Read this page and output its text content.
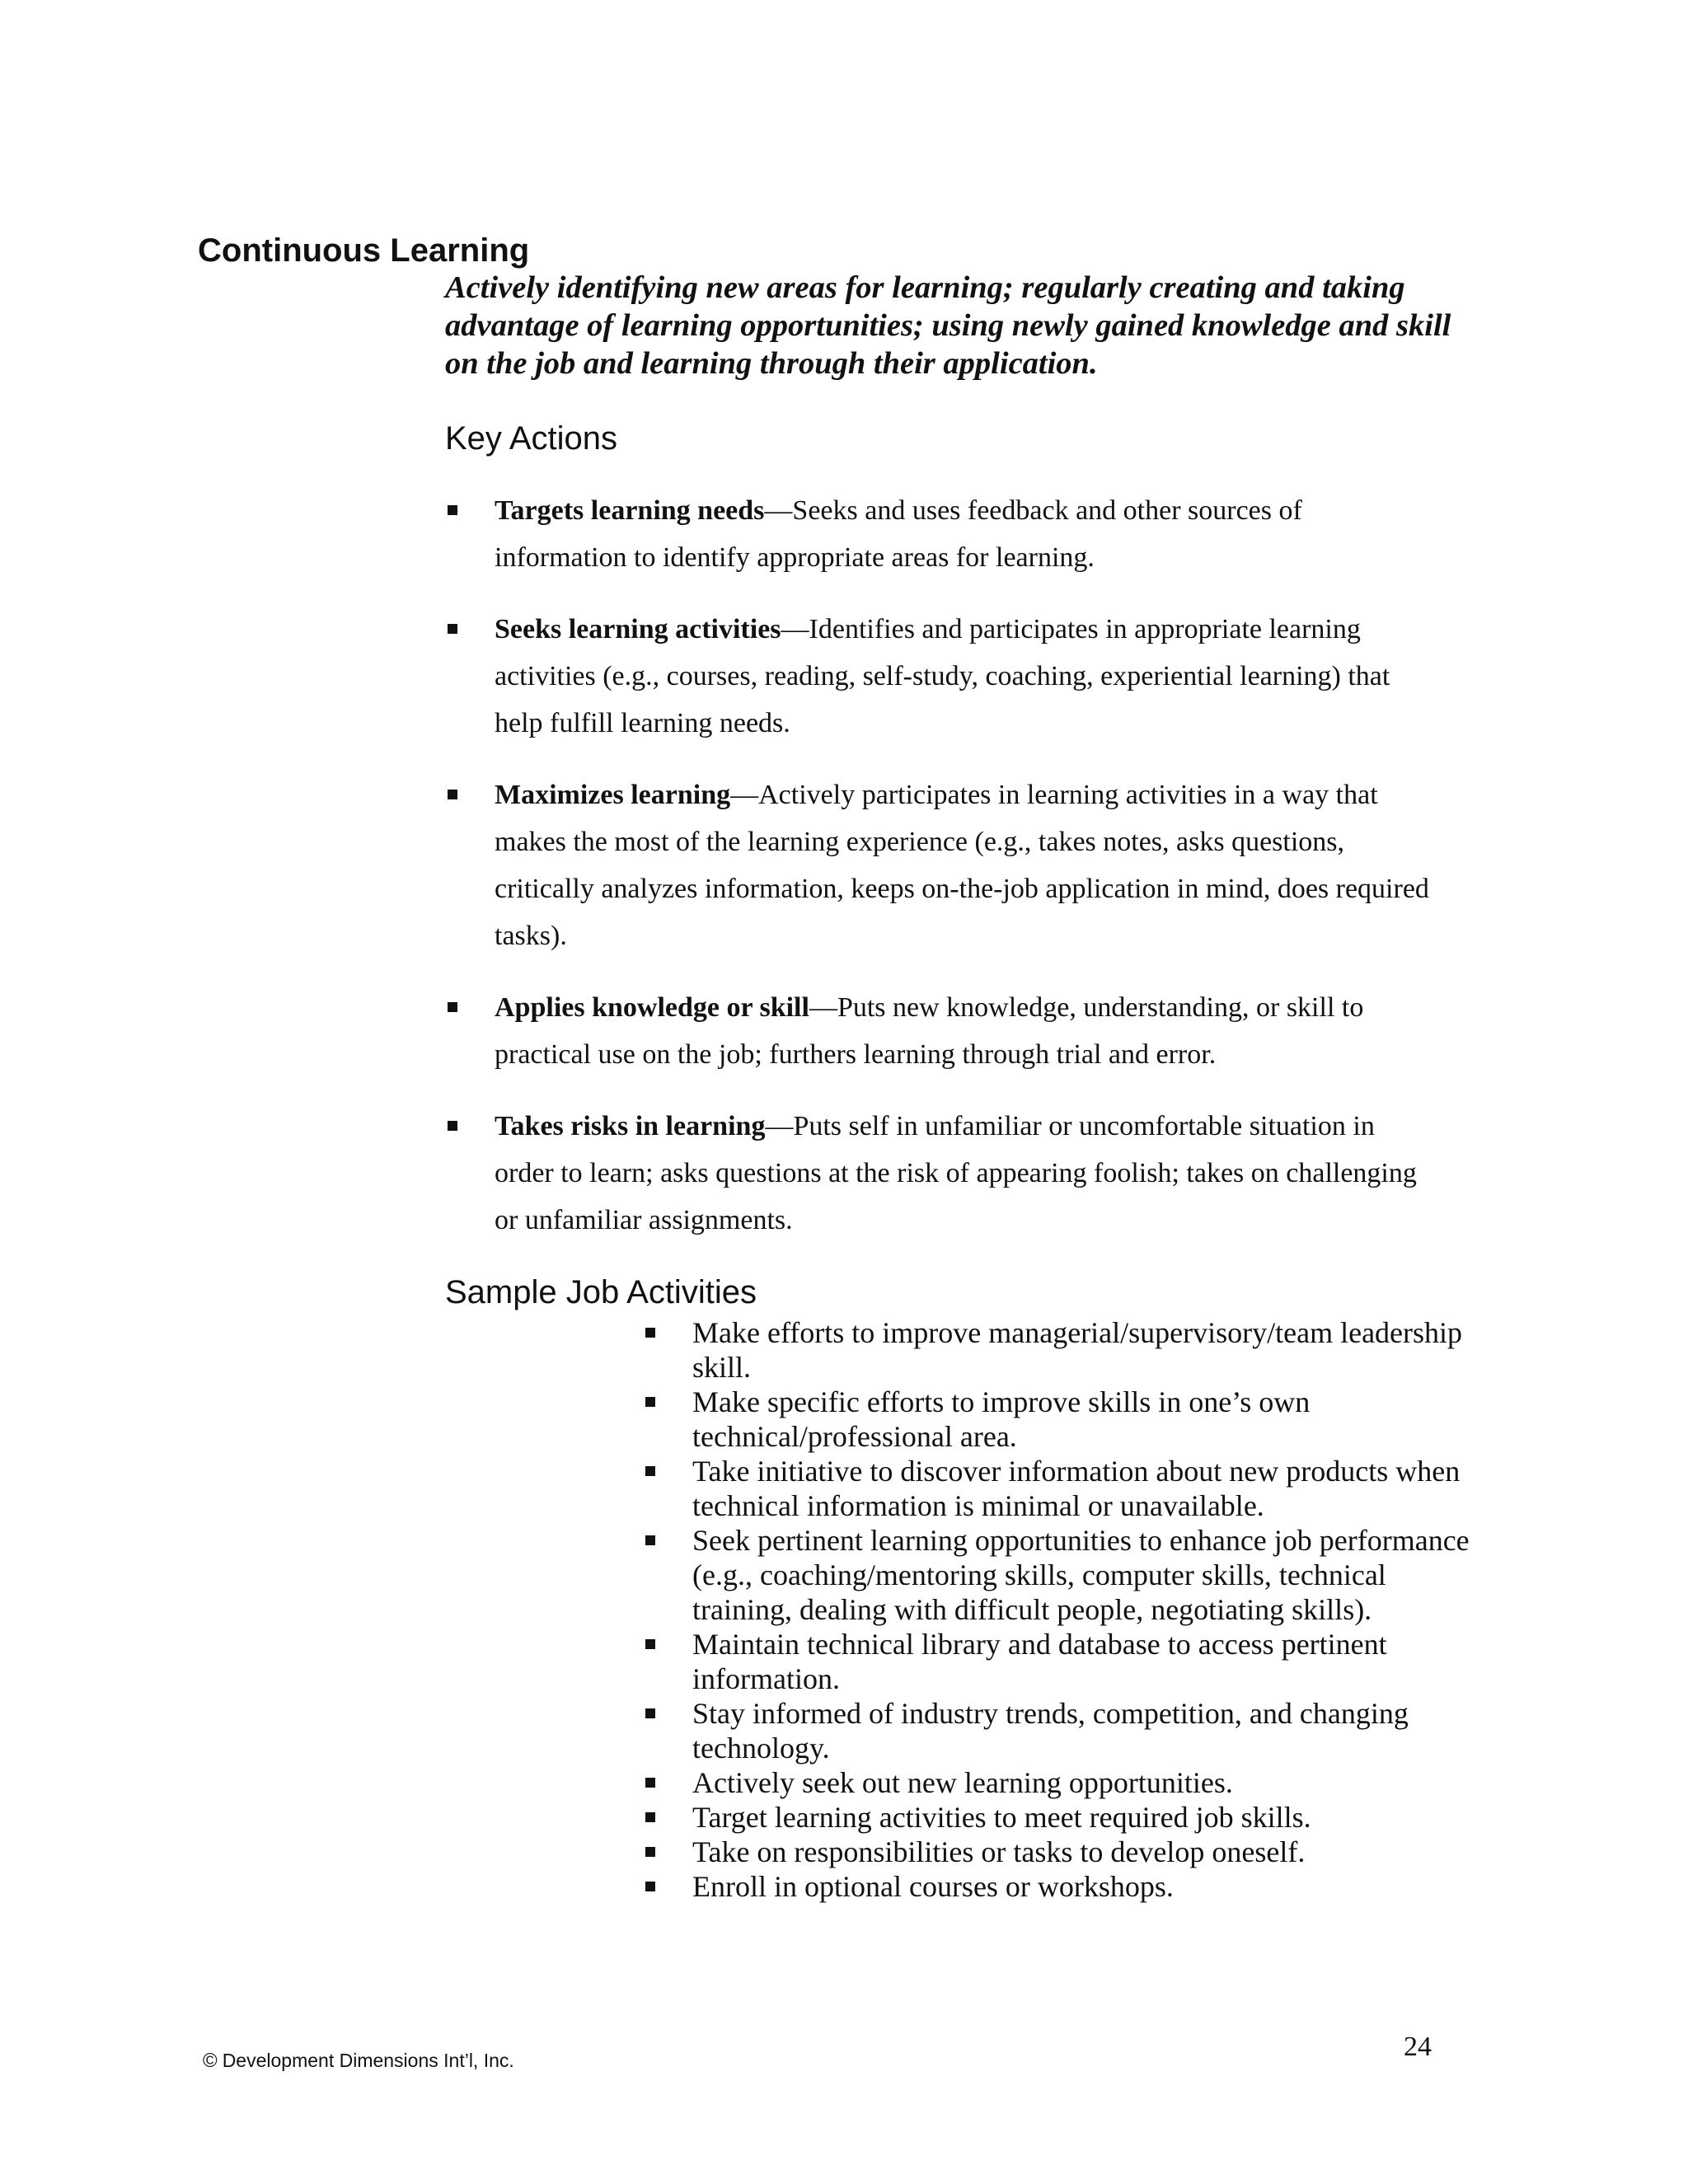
Continuous Learning

Actively identifying new areas for learning; regularly creating and taking advantage of learning opportunities; using newly gained knowledge and skill on the job and learning through their application.

Key Actions
Targets learning needs—Seeks and uses feedback and other sources of information to identify appropriate areas for learning.
Seeks learning activities—Identifies and participates in appropriate learning activities (e.g., courses, reading, self-study, coaching, experiential learning) that help fulfill learning needs.
Maximizes learning—Actively participates in learning activities in a way that makes the most of the learning experience (e.g., takes notes, asks questions, critically analyzes information, keeps on-the-job application in mind, does required tasks).
Applies knowledge or skill—Puts new knowledge, understanding, or skill to practical use on the job; furthers learning through trial and error.
Takes risks in learning—Puts self in unfamiliar or uncomfortable situation in order to learn; asks questions at the risk of appearing foolish; takes on challenging or unfamiliar assignments.
Sample Job Activities
Make efforts to improve managerial/supervisory/team leadership skill.
Make specific efforts to improve skills in one’s own technical/professional area.
Take initiative to discover information about new products when technical information is minimal or unavailable.
Seek pertinent learning opportunities to enhance job performance (e.g., coaching/mentoring skills, computer skills, technical training, dealing with difficult people, negotiating skills).
Maintain technical library and database to access pertinent information.
Stay informed of industry trends, competition, and changing technology.
Actively seek out new learning opportunities.
Target learning activities to meet required job skills.
Take on responsibilities or tasks to develop oneself.
Enroll in optional courses or workshops.
© Development Dimensions Int’l, Inc.	24
